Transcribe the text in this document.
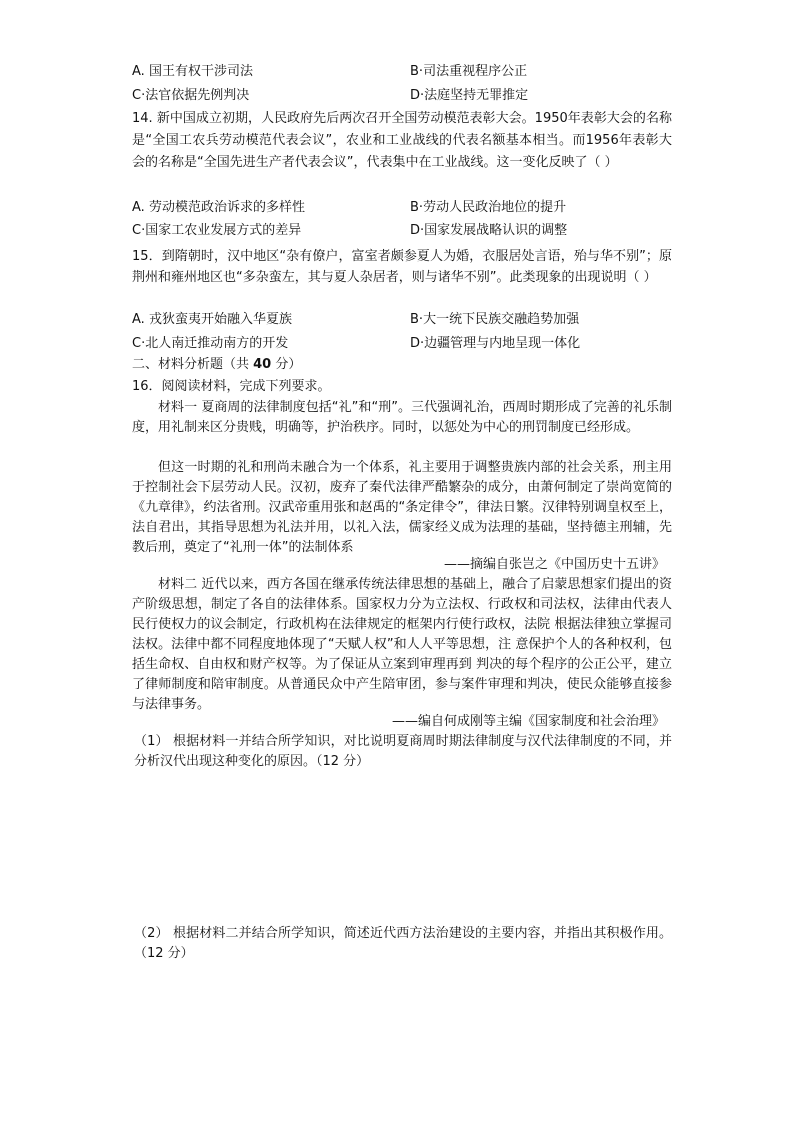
A. 国王有权干涉司法	B·司法重视程序公正
C·法官依据先例判决	D·法庭坚持无罪推定
14. 新中国成立初期，人民政府先后两次召开全国劳动模范表彰大会。1950年表彰大会的名称是“全国工农兵劳动模范代表会议”，农业和工业战线的代表名额基本相当。而1956年表彰大会的名称是“全国先进生产者代表会议”，代表集中在工业战线。这一变化反映了（ ）
A. 劳动模范政治诉求的多样性	B·劳动人民政治地位的提升
C·国家工农业发展方式的差异	D·国家发展战略认识的调整
15．到隋朝时，汉中地区“杂有僚户，富室者颇参夏人为婚，衣服居处言语，殆与华不别”；原荆州和雍州地区也“多杂蛮左，其与夏人杂居者，则与诸华不别”。此类现象的出现说明（ ）
A. 戎狄蛮夷开始融入华夏族	B·大一统下民族交融趋势加强
C·北人南迁推动南方的开发	D·边疆管理与内地呈现一体化
二、材料分析题（共 40 分）
16．阅阅读材料，完成下列要求。
材料一 夏商周的法律制度包括“礼”和“刑”。三代强调礼治，西周时期形成了完善的礼乐制度，用礼制来区分贵贱，明确等，护治秩序。同时，以惩处为中心的刑罚制度已经形成。
但这一时期的礼和刑尚未融合为一个体系，礼主要用于调整贵族内部的社会关系，刑主用于控制社会下层劳动人民。汉初，废弃了秦代法律严酷繁杂的成分，由萧何制定了崇尚宽简的《九章律》，约法省刑。汉武帝重用张和赵禹的“条定律令”，律法日繁。汉律特别调皇权至上，法自君出，其指导思想为礼法并用，以礼入法，儒家经义成为法理的基础，坚持德主刑辅，先教后刑，奠定了“礼刑一体”的法制体系
——摘编自张岂之《中国历史十五讲》
材料二 近代以来，西方各国在继承传统法律思想的基础上，融合了启蒙思想家们提出的资产阶级思想，制定了各自的法律体系。国家权力分为立法权、行政权和司法权，法律由代表人民行使权力的议会制定，行政机构在法律规定的框架内行使行政权，法院 根据法律独立掌握司法权。法律中都不同程度地体现了“天赋人权”和人人平等思想，注 意保护个人的各种权利，包括生命权、自由权和财产权等。为了保证从立案到审理再到 判决的每个程序的公正公平，建立了律师制度和陪审制度。从普通民众中产生陪审团，参与案件审理和判决，使民众能够直接参与法律事务。
——编自何成刚等主编《国家制度和社会治理》
（1） 根据材料一并结合所学知识，对比说明夏商周时期法律制度与汉代法律制度的不同，并分析汉代出现这种变化的原因。（12 分）
（2） 根据材料二并结合所学知识，简述近代西方法治建设的主要内容，并指出其积极作用。（12 分）
